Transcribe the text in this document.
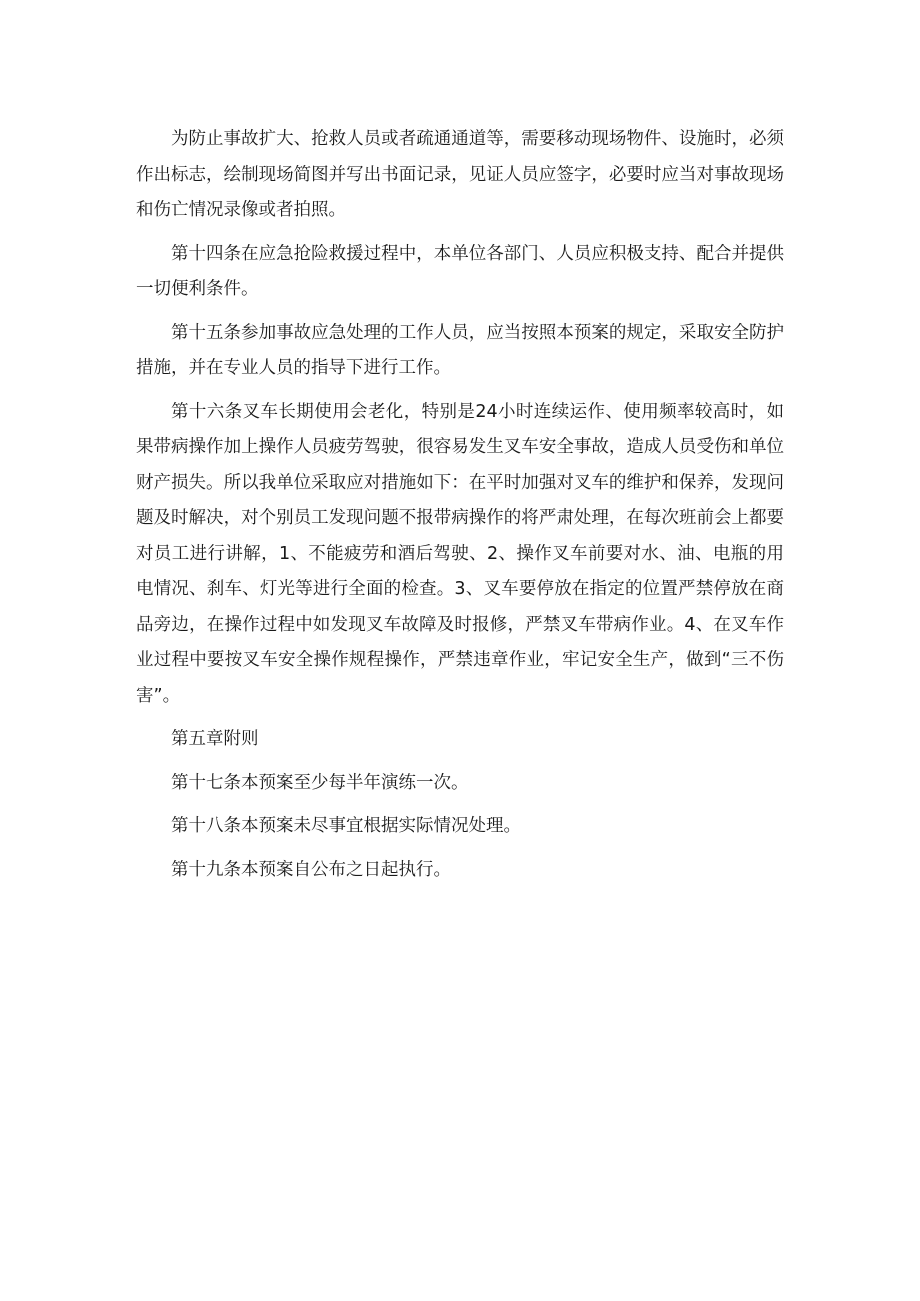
为防止事故扩大、抢救人员或者疏通通道等，需要移动现场物件、设施时，必须作出标志，绘制现场简图并写出书面记录，见证人员应签字，必要时应当对事故现场和伤亡情况录像或者拍照。

第十四条在应急抢险救援过程中，本单位各部门、人员应积极支持、配合并提供一切便利条件。

第十五条参加事故应急处理的工作人员，应当按照本预案的规定，采取安全防护措施，并在专业人员的指导下进行工作。

第十六条叉车长期使用会老化，特别是24小时连续运作、使用频率较高时，如果带病操作加上操作人员疲劳驾驶，很容易发生叉车安全事故，造成人员受伤和单位财产损失。所以我单位采取应对措施如下：在平时加强对叉车的维护和保养，发现问题及时解决，对个别员工发现问题不报带病操作的将严肃处理，在每次班前会上都要对员工进行讲解，1、不能疲劳和酒后驾驶、2、操作叉车前要对水、油、电瓶的用电情况、刹车、灯光等进行全面的检查。3、叉车要停放在指定的位置严禁停放在商品旁边，在操作过程中如发现叉车故障及时报修，严禁叉车带病作业。4、在叉车作业过程中要按叉车安全操作规程操作，严禁违章作业，牢记安全生产，做到“三不伤害”。

第五章附则

第十七条本预案至少每半年演练一次。

第十八条本预案未尽事宜根据实际情况处理。

第十九条本预案自公布之日起执行。
